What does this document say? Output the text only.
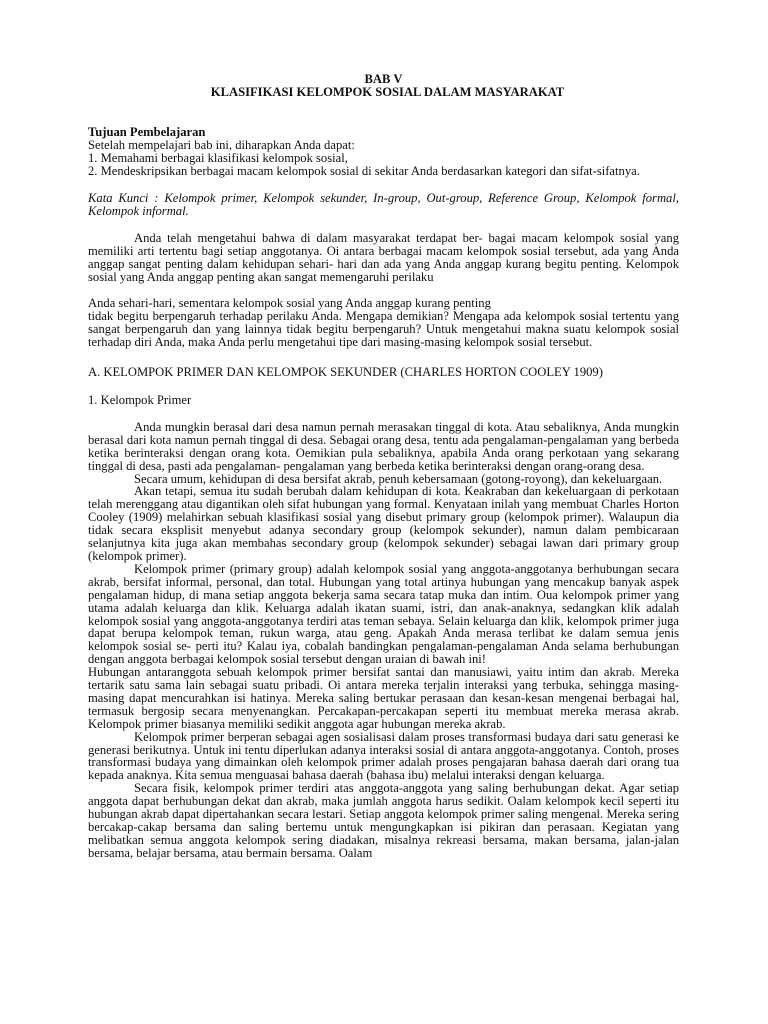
BAB V
KLASIFIKASI KELOMPOK SOSIAL DALAM MASYARAKAT

Tujuan Pembelajaran

Setelah mempelajari bab ini, diharapkan Anda dapat:

1. Memahami berbagai klasifikasi kelompok sosial,

2. Mendeskripsikan berbagai macam kelompok sosial di sekitar Anda berdasarkan kategori dan sifat-sifatnya.

Kata Kunci : Kelompok primer, Kelompok sekunder, In-group, Out-group, Reference Group, Kelompok formal, Kelompok informal.

Anda telah mengetahui bahwa di dalam masyarakat terdapat ber- bagai macam kelompok sosial yang memiliki arti tertentu bagi setiap anggotanya. Oi antara berbagai macam kelompok sosial tersebut, ada yang Anda anggap sangat penting dalam kehidupan sehari- hari dan ada yang Anda anggap kurang begitu penting. Kelompok sosial yang Anda anggap penting akan sangat memengaruhi perilaku

Anda sehari-hari, sementara kelompok sosial yang Anda anggap kurang penting

tidak begitu berpengaruh terhadap perilaku Anda. Mengapa demikian? Mengapa ada kelompok sosial tertentu yang sangat berpengaruh dan yang lainnya tidak begitu berpengaruh? Untuk mengetahui makna suatu kelompok sosial terhadap diri Anda, maka Anda perlu mengetahui tipe dari masing-masing kelompok sosial tersebut.

A. KELOMPOK PRIMER DAN KELOMPOK SEKUNDER (CHARLES HORTON COOLEY 1909)

1. Kelompok Primer

Anda mungkin berasal dari desa namun pernah merasakan tinggal di kota. Atau sebaliknya, Anda mungkin berasal dari kota namun pernah tinggal di desa. Sebagai orang desa, tentu ada pengalaman-pengalaman yang berbeda ketika berinteraksi dengan orang kota. Oemikian pula sebaliknya, apabila Anda orang perkotaan yang sekarang tinggal di desa, pasti ada pengalaman- pengalaman yang berbeda ketika berinteraksi dengan orang-orang desa.

Secara umum, kehidupan di desa bersifat akrab, penuh kebersamaan (gotong-royong), dan kekeluargaan.

Akan tetapi, semua itu sudah berubah dalam kehidupan di kota. Keakraban dan kekeluargaan di perkotaan telah merenggang atau digantikan oleh sifat hubungan yang formal. Kenyataan inilah yang membuat Charles Horton Cooley (1909) melahirkan sebuah klasifikasi sosial yang disebut primary group (kelompok primer). Walaupun dia tidak secara eksplisit menyebut adanya secondary group (kelompok sekunder), namun dalam pembicaraan selanjutnya kita juga akan membahas secondary group (kelompok sekunder) sebagai lawan dari primary group (kelompok primer).

Kelompok primer (primary group) adalah kelompok sosial yang anggota-anggotanya berhubungan secara akrab, bersifat informal, personal, dan total. Hubungan yang total artinya hubungan yang mencakup banyak aspek pengalaman hidup, di mana setiap anggota bekerja sama secara tatap muka dan intim. Oua kelompok primer yang utama adalah keluarga dan klik. Keluarga adalah ikatan suami, istri, dan anak-anaknya, sedangkan klik adalah kelompok sosial yang anggota-anggotanya terdiri atas teman sebaya. Selain keluarga dan klik, kelompok primer juga dapat berupa kelompok teman, rukun warga, atau geng. Apakah Anda merasa terlibat ke dalam semua jenis kelompok sosial se- perti itu? Kalau iya, cobalah bandingkan pengalaman-pengalaman Anda selama berhubungan dengan anggota berbagai kelompok sosial tersebut dengan uraian di bawah ini!

Hubungan antaranggota sebuah kelompok primer bersifat santai dan manusiawi, yaitu intim dan akrab. Mereka tertarik satu sama lain sebagai suatu pribadi. Oi antara mereka terjalin interaksi yang terbuka, sehingga masing-masing dapat mencurahkan isi hatinya. Mereka saling bertukar perasaan dan kesan-kesan mengenai berbagai hal, termasuk bergosip secara menyenangkan. Percakapan-percakapan seperti itu membuat mereka merasa akrab. Kelompok primer biasanya memiliki sedikit anggota agar hubungan mereka akrab.

Kelompok primer berperan sebagai agen sosialisasi dalam proses transformasi budaya dari satu generasi ke generasi berikutnya. Untuk ini tentu diperlukan adanya interaksi sosial di antara anggota-anggotanya. Contoh, proses transformasi budaya yang dimainkan oleh kelompok primer adalah proses pengajaran bahasa daerah dari orang tua kepada anaknya. Kita semua menguasai bahasa daerah (bahasa ibu) melalui interaksi dengan keluarga.

Secara fisik, kelompok primer terdiri atas anggota-anggota yang saling berhubungan dekat. Agar setiap anggota dapat berhubungan dekat dan akrab, maka jumlah anggota harus sedikit. Oalam kelompok kecil seperti itu hubungan akrab dapat dipertahankan secara lestari. Setiap anggota kelompok primer saling mengenal. Mereka sering bercakap-cakap bersama dan saling bertemu untuk mengungkapkan isi pikiran dan perasaan. Kegiatan yang melibatkan semua anggota kelompok sering diadakan, misalnya rekreasi bersama, makan bersama, jalan-jalan bersama, belajar bersama, atau bermain bersama. Oalam
